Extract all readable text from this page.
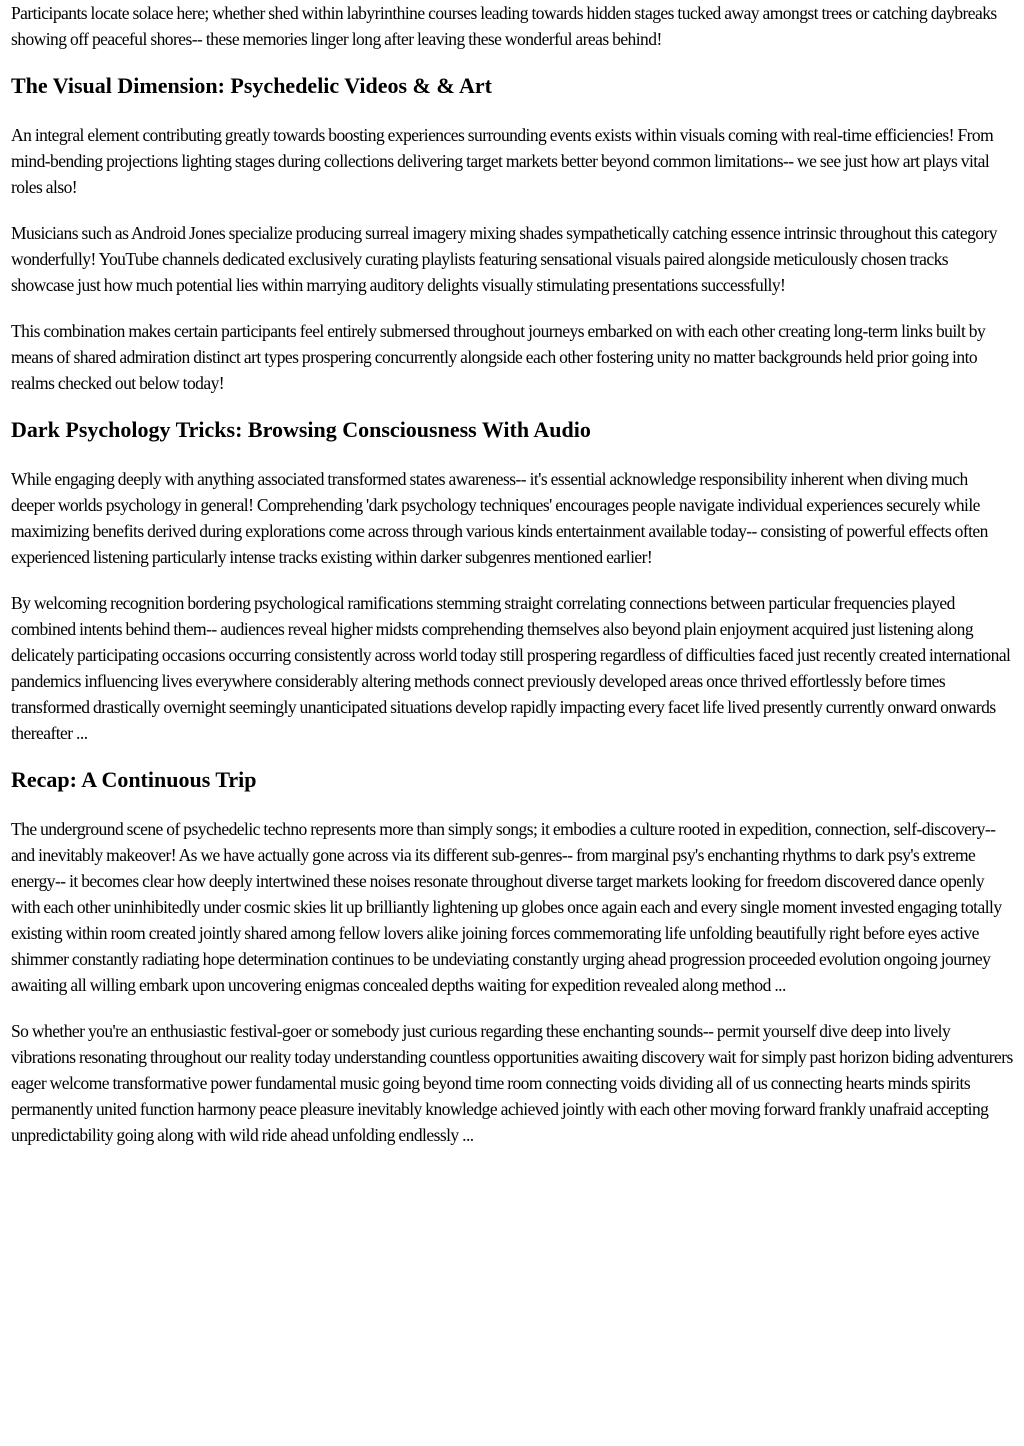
Participants locate solace here; whether shed within labyrinthine courses leading towards hidden stages tucked away amongst trees or catching daybreaks showing off peaceful shores-- these memories linger long after leaving these wonderful areas behind!

The Visual Dimension: Psychedelic Videos & & Art

An integral element contributing greatly towards boosting experiences surrounding events exists within visuals coming with real-time efficiencies! From mind-bending projections lighting stages during collections delivering target markets better beyond common limitations-- we see just how art plays vital roles also!

Musicians such as Android Jones specialize producing surreal imagery mixing shades sympathetically catching essence intrinsic throughout this category wonderfully! YouTube channels dedicated exclusively curating playlists featuring sensational visuals paired alongside meticulously chosen tracks showcase just how much potential lies within marrying auditory delights visually stimulating presentations successfully!

This combination makes certain participants feel entirely submersed throughout journeys embarked on with each other creating long-term links built by means of shared admiration distinct art types prospering concurrently alongside each other fostering unity no matter backgrounds held prior going into realms checked out below today!

Dark Psychology Tricks: Browsing Consciousness With Audio

While engaging deeply with anything associated transformed states awareness-- it's essential acknowledge responsibility inherent when diving much deeper worlds psychology in general! Comprehending 'dark psychology techniques' encourages people navigate individual experiences securely while maximizing benefits derived during explorations come across through various kinds entertainment available today-- consisting of powerful effects often experienced listening particularly intense tracks existing within darker subgenres mentioned earlier!

By welcoming recognition bordering psychological ramifications stemming straight correlating connections between particular frequencies played combined intents behind them-- audiences reveal higher midsts comprehending themselves also beyond plain enjoyment acquired just listening along delicately participating occasions occurring consistently across world today still prospering regardless of difficulties faced just recently created international pandemics influencing lives everywhere considerably altering methods connect previously developed areas once thrived effortlessly before times transformed drastically overnight seemingly unanticipated situations develop rapidly impacting every facet life lived presently currently onward onwards thereafter ...

Recap: A Continuous Trip

The underground scene of psychedelic techno represents more than simply songs; it embodies a culture rooted in expedition, connection, self-discovery-- and inevitably makeover! As we have actually gone across via its different sub-genres-- from marginal psy's enchanting rhythms to dark psy's extreme energy-- it becomes clear how deeply intertwined these noises resonate throughout diverse target markets looking for freedom discovered dance openly with each other uninhibitedly under cosmic skies lit up brilliantly lightening up globes once again each and every single moment invested engaging totally existing within room created jointly shared among fellow lovers alike joining forces commemorating life unfolding beautifully right before eyes active shimmer constantly radiating hope determination continues to be undeviating constantly urging ahead progression proceeded evolution ongoing journey awaiting all willing embark upon uncovering enigmas concealed depths waiting for expedition revealed along method ...

So whether you're an enthusiastic festival-goer or somebody just curious regarding these enchanting sounds-- permit yourself dive deep into lively vibrations resonating throughout our reality today understanding countless opportunities awaiting discovery wait for simply past horizon biding adventurers eager welcome transformative power fundamental music going beyond time room connecting voids dividing all of us connecting hearts minds spirits permanently united function harmony peace pleasure inevitably knowledge achieved jointly with each other moving forward frankly unafraid accepting unpredictability going along with wild ride ahead unfolding endlessly ...
